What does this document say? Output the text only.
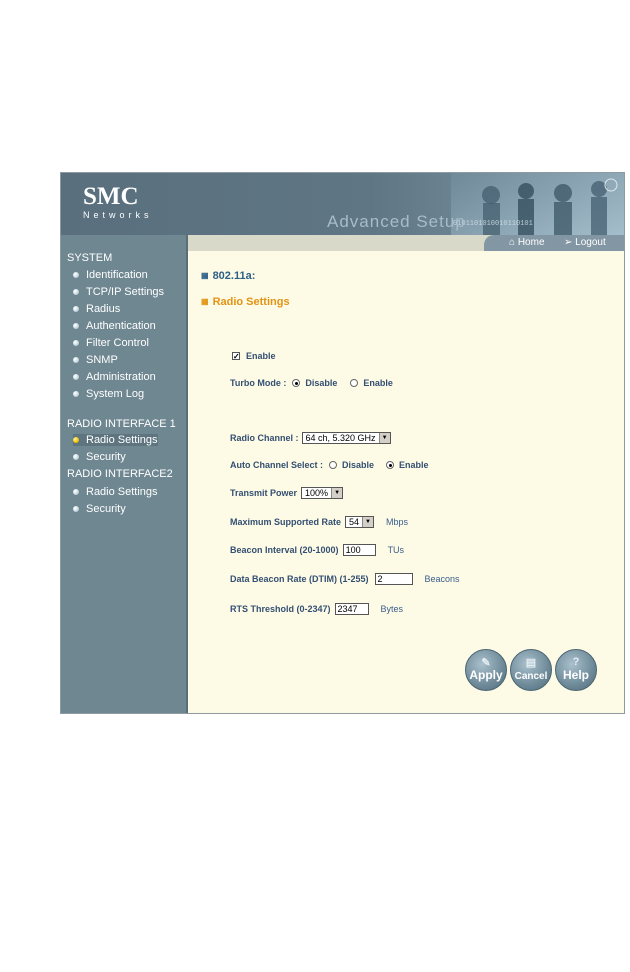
0101101010010110101
SMC
Networks	Advanced Setup
⌂ Home ➢ Logout
SYSTEM
Identification
TCP/IP Settings
Radius
Authentication
Filter Control
SNMP
Administration
System Log
RADIO INTERFACE 1
Radio Settings
Security
RADIO INTERFACE2
Radio Settings
Security
▦ 802.11a:
▦ Radio Settings
✓ Enable
Turbo Mode : Disable	Enable
Radio Channel : 64 ch, 5.320 GHz	▼
Auto Channel Select : Disable	Enable
Transmit Power 100%	▼
Maximum Supported Rate 54	▼ Mbps
Beacon Interval (20-1000) 100	TUs
Data Beacon Rate (DTIM) (1-255)	2	Beacons
RTS Threshold (0-2347) 2347	Bytes
✎
Apply
▤
Cancel
?
Help
